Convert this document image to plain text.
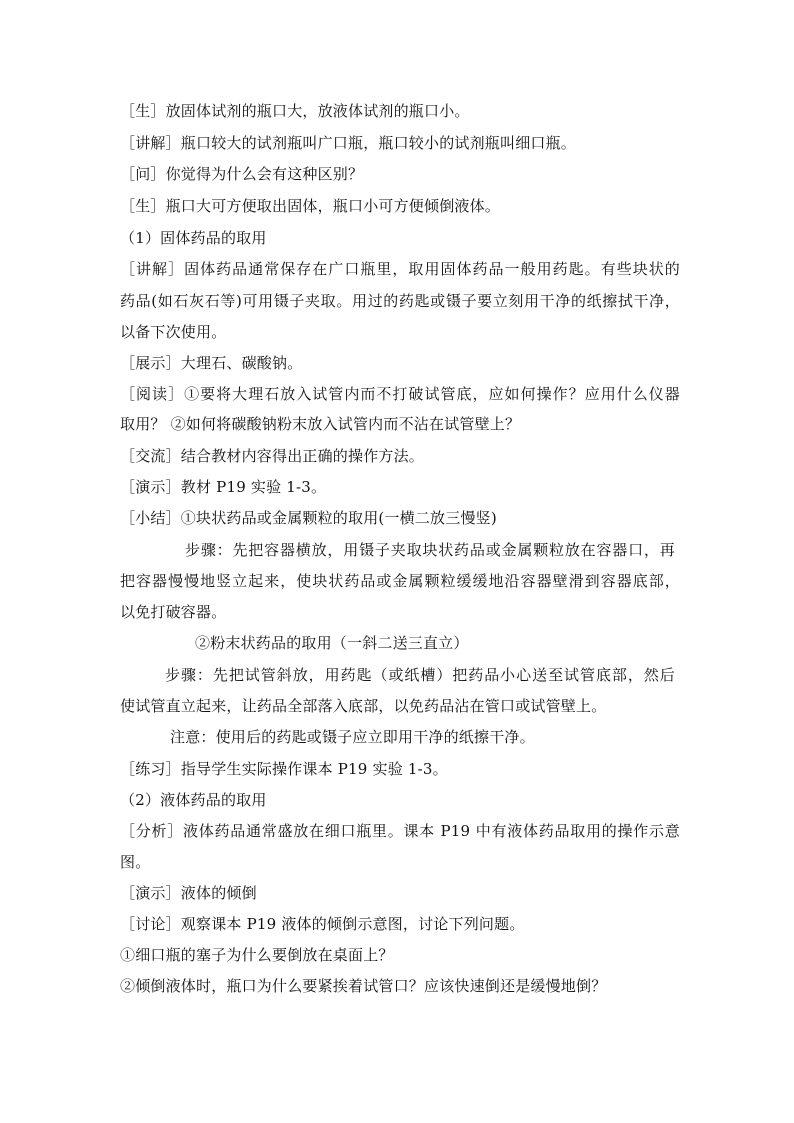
［生］放固体试剂的瓶口大，放液体试剂的瓶口小。
［讲解］瓶口较大的试剂瓶叫广口瓶，瓶口较小的试剂瓶叫细口瓶。
［问］你觉得为什么会有这种区别？
［生］瓶口大可方便取出固体，瓶口小可方便倾倒液体。
（1）固体药品的取用
［讲解］固体药品通常保存在广口瓶里，取用固体药品一般用药匙。有些块状的
药品(如石灰石等)可用镊子夹取。用过的药匙或镊子要立刻用干净的纸擦拭干净，
以备下次使用。
［展示］大理石、碳酸钠。
［阅读］①要将大理石放入试管内而不打破试管底，应如何操作？应用什么仪器
取用？ ②如何将碳酸钠粉末放入试管内而不沾在试管壁上？
［交流］结合教材内容得出正确的操作方法。
［演示］教材 P19 实验 1-3。
［小结］①块状药品或金属颗粒的取用(一横二放三慢竖)
步骤：先把容器横放，用镊子夹取块状药品或金属颗粒放在容器口，再
把容器慢慢地竖立起来，使块状药品或金属颗粒缓缓地沿容器壁滑到容器底部，
以免打破容器。
②粉末状药品的取用（一斜二送三直立）
步骤：先把试管斜放，用药匙（或纸槽）把药品小心送至试管底部，然后
使试管直立起来，让药品全部落入底部，以免药品沾在管口或试管壁上。
注意：使用后的药匙或镊子应立即用干净的纸擦干净。
［练习］指导学生实际操作课本 P19 实验 1-3。
（2）液体药品的取用
［分析］液体药品通常盛放在细口瓶里。课本 P19 中有液体药品取用的操作示意
图。
［演示］液体的倾倒
［讨论］观察课本 P19 液体的倾倒示意图，讨论下列问题。
①细口瓶的塞子为什么要倒放在桌面上？
②倾倒液体时，瓶口为什么要紧挨着试管口？应该快速倒还是缓慢地倒？
